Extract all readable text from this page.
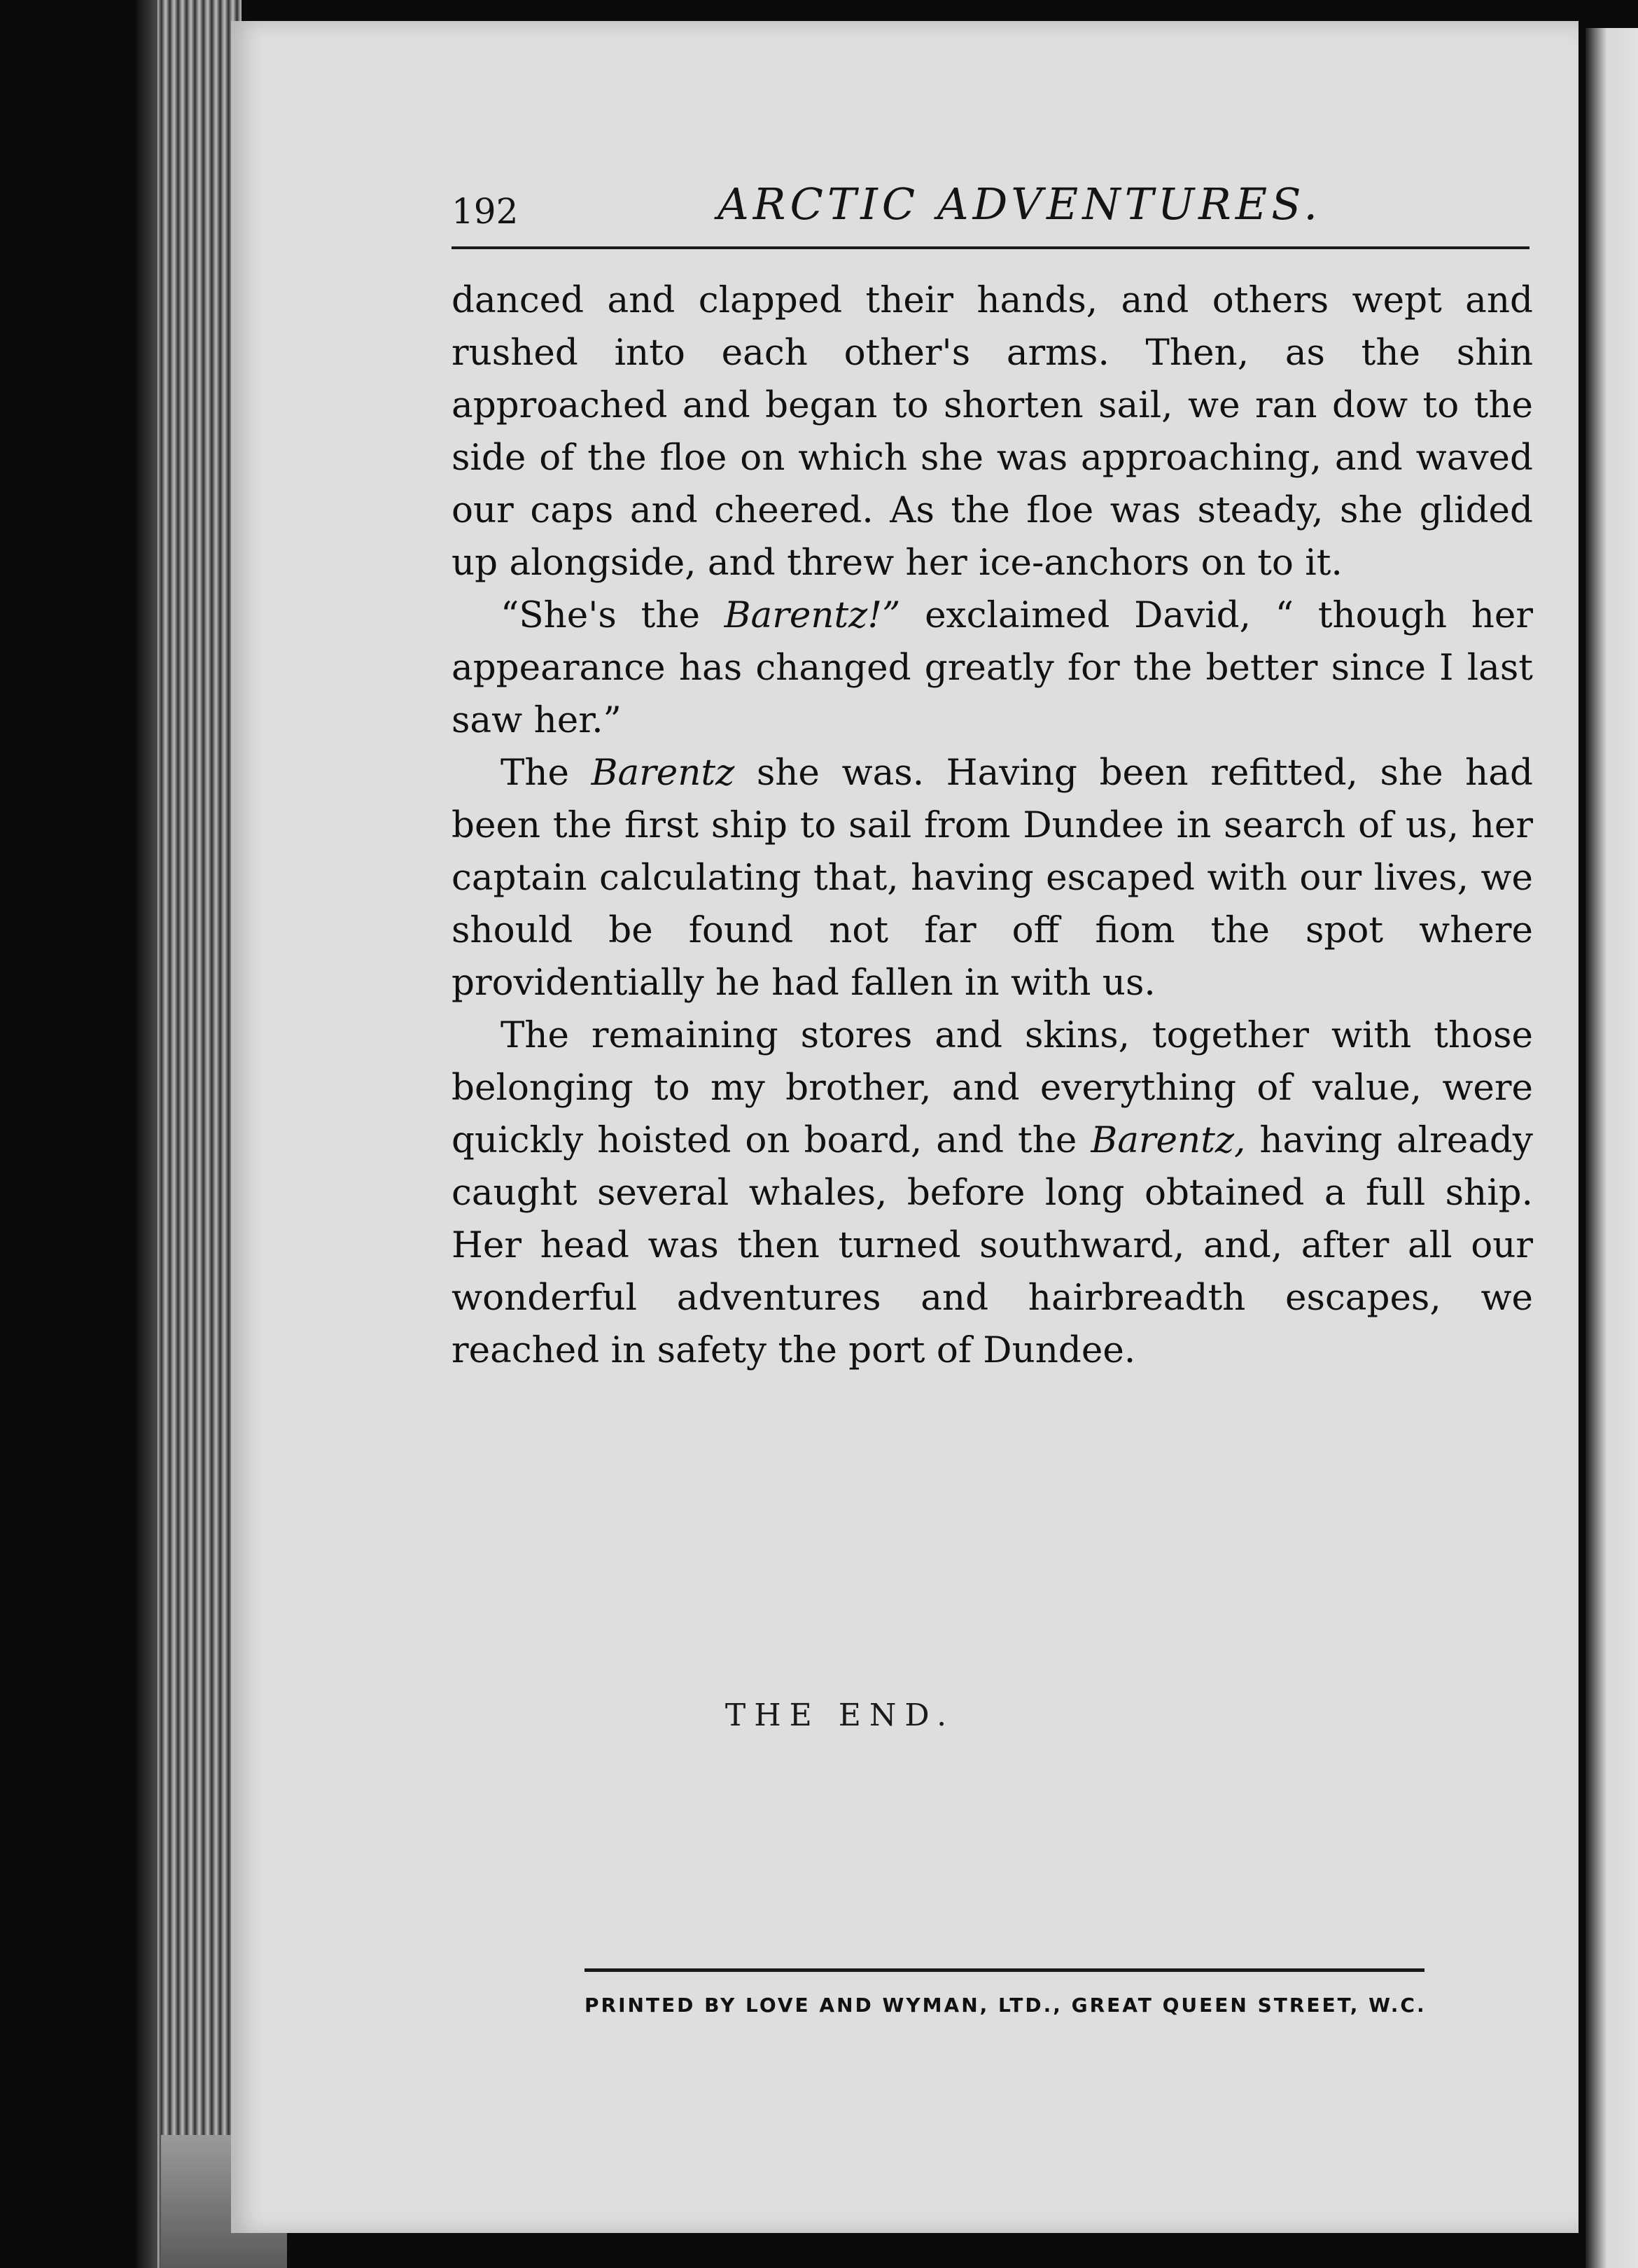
192	ARCTIC ADVENTURES.

danced and clapped their hands, and others wept and rushed into each other's arms. Then, as the shin approached and began to shorten sail, we ran dow to the side of the floe on which she was approaching, and waved our caps and cheered. As the floe was steady, she glided up alongside, and threw her ice-anchors on to it.

“She's the Barentz!” exclaimed David, “ though her appearance has changed greatly for the better since I last saw her.”

The Barentz she was. Having been refitted, she had been the first ship to sail from Dundee in search of us, her captain calculating that, having escaped with our lives, we should be found not far off fiom the spot where providentially he had fallen in with us.

The remaining stores and skins, together with those belonging to my brother, and everything of value, were quickly hoisted on board, and the Barentz, having already caught several whales, before long obtained a full ship. Her head was then turned southward, and, after all our wonderful adventures and hairbreadth escapes, we reached in safety the port of Dundee.

THE END.
PRINTED BY LOVE AND WYMAN, LTD., GREAT QUEEN STREET, W.C.
